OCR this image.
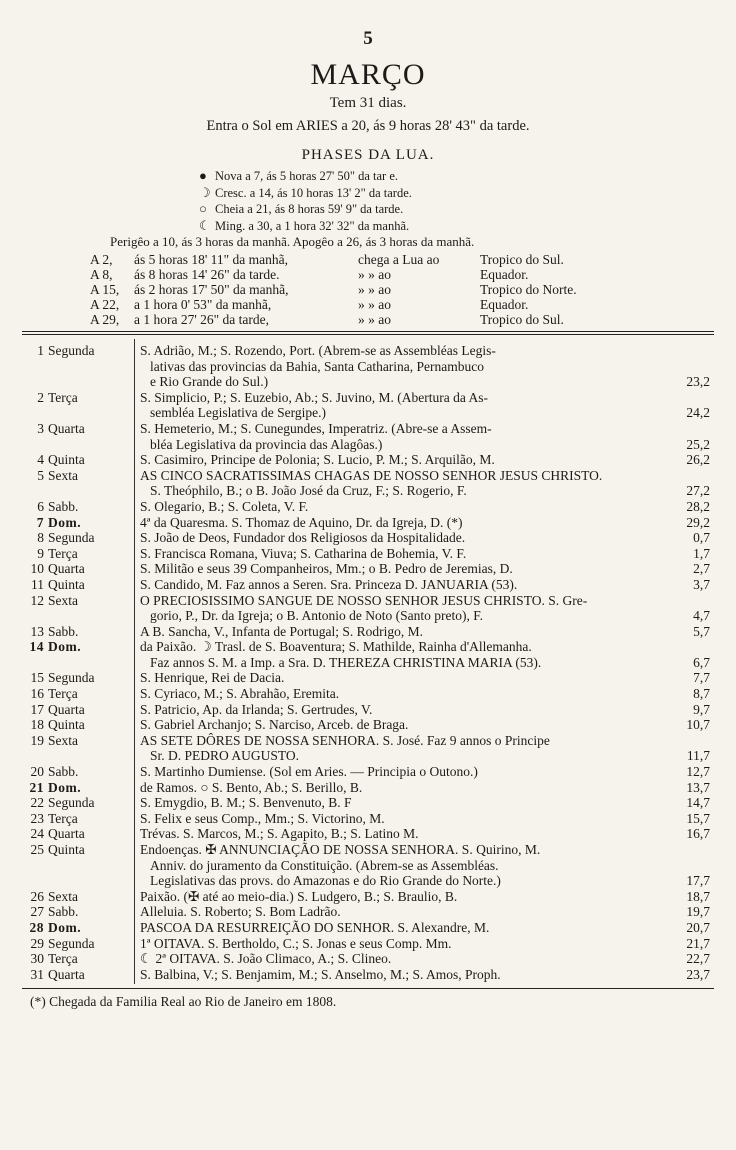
5
MARÇO
Tem 31 dias.
Entra o Sol em ARIES a 20, ás 9 horas 28' 43" da tarde.
PHASES DA LUA.
● Nova a 7, ás 5 horas 27' 50" da tar e.
☽ Cresc. a 14, ás 10 horas 13' 2" da tarde.
○ Cheia a 21, ás 8 horas 59' 9" da tarde.
☾ Ming. a 30, a 1 hora 32' 32" da manhã.
Perigêo a 10, ás 3 horas da manhã. Apogêo a 26, ás 3 horas da manhã.
A 2, ás 5 horas 18' 11" da manhã,	chega a Lua ao	Tropico do Sul.
A 8, ás 8 horas 14' 26" da tarde.	» » ao	Equador.
A 15, ás 2 horas 17' 50" da manhã,	» » ao	Tropico do Norte.
A 22, a 1 hora 0' 53" da manhã,	» » ao	Equador.
A 29, a 1 hora 27' 26" da tarde,	» » ao	Tropico do Sul.
1 Segunda	S. Adrião, M.; S. Rozendo, Port. (Abrem-se as Assembléas Legis-
lativas das provincias da Bahia, Santa Catharina, Pernambuco
e Rio Grande do Sul.)	23,2
2 Terça	S. Simplicio, P.; S. Euzebio, Ab.; S. Juvino, M. (Abertura da As-
sembléa Legislativa de Sergipe.)	24,2
3 Quarta	S. Hemeterio, M.; S. Cunegundes, Imperatriz. (Abre-se a Assem-
bléa Legislativa da provincia das Alagôas.)	25,2
4 Quinta	S. Casimiro, Principe de Polonia; S. Lucio, P. M.; S. Arquilão, M.	26,2
5 Sexta	AS CINCO SACRATISSIMAS CHAGAS DE NOSSO SENHOR JESUS CHRISTO.
S. Theóphilo, B.; o B. João José da Cruz, F.; S. Rogerio, F.	27,2
6 Sabb.	S. Olegario, B.; S. Coleta, V. F.	28,2
7 Dom.	4ª da Quaresma. S. Thomaz de Aquino, Dr. da Igreja, D. (*)	29,2
8 Segunda	S. João de Deos, Fundador dos Religiosos da Hospitalidade.	0,7
9 Terça	S. Francisca Romana, Viuva; S. Catharina de Bohemia, V. F.	1,7
10 Quarta	S. Militão e seus 39 Companheiros, Mm.; o B. Pedro de Jeremias, D.	2,7
11 Quinta	S. Candido, M. Faz annos a Seren. Sra. Princeza D. JANUARIA (53).	3,7
12 Sexta	O PRECIOSISSIMO SANGUE DE NOSSO SENHOR JESUS CHRISTO. S. Gre-
gorio, P., Dr. da Igreja; o B. Antonio de Noto (Santo preto), F.	4,7
13 Sabb.	A B. Sancha, V., Infanta de Portugal; S. Rodrigo, M.	5,7
14 Dom.	da Paixão. ☽ Trasl. de S. Boaventura; S. Mathilde, Rainha d'Allemanha.
Faz annos S. M. a Imp. a Sra. D. THEREZA CHRISTINA MARIA (53).	6,7
15 Segunda	S. Henrique, Rei de Dacia.	7,7
16 Terça	S. Cyriaco, M.; S. Abrahão, Eremita.	8,7
17 Quarta	S. Patricio, Ap. da Irlanda; S. Gertrudes, V.	9,7
18 Quinta	S. Gabriel Archanjo; S. Narciso, Arceb. de Braga.	10,7
19 Sexta	AS SETE DÔRES DE NOSSA SENHORA. S. José. Faz 9 annos o Principe
Sr. D. PEDRO AUGUSTO.	11,7
20 Sabb.	S. Martinho Dumiense. (Sol em Aries. — Principia o Outono.)	12,7
21 Dom.	de Ramos. ○ S. Bento, Ab.; S. Berillo, B.	13,7
22 Segunda	S. Emygdio, B. M.; S. Benvenuto, B. F	14,7
23 Terça	S. Felix e seus Comp., Mm.; S. Victorino, M.	15,7
24 Quarta	Trévas. S. Marcos, M.; S. Agapito, B.; S. Latino M.	16,7
25 Quinta	Endoenças. ✠ ANNUNCIAÇÃO DE NOSSA SENHORA. S. Quirino, M.
Anniv. do juramento da Constituição. (Abrem-se as Assembléas.
Legislativas das provs. do Amazonas e do Rio Grande do Norte.)	17,7
26 Sexta	Paixão. (✠ até ao meio-dia.) S. Ludgero, B.; S. Braulio, B.	18,7
27 Sabb.	Alleluia. S. Roberto; S. Bom Ladrão.	19,7
28 Dom.	PASCOA DA RESURREIÇÃO DO SENHOR. S. Alexandre, M.	20,7
29 Segunda	1ª OITAVA. S. Bertholdo, C.; S. Jonas e seus Comp. Mm.	21,7
30 Terça	☾ 2ª OITAVA. S. João Climaco, A.; S. Clineo.	22,7
31 Quarta	S. Balbina, V.; S. Benjamim, M.; S. Anselmo, M.; S. Amos, Proph.	23,7
(*) Chegada da Familia Real ao Rio de Janeiro em 1808.
